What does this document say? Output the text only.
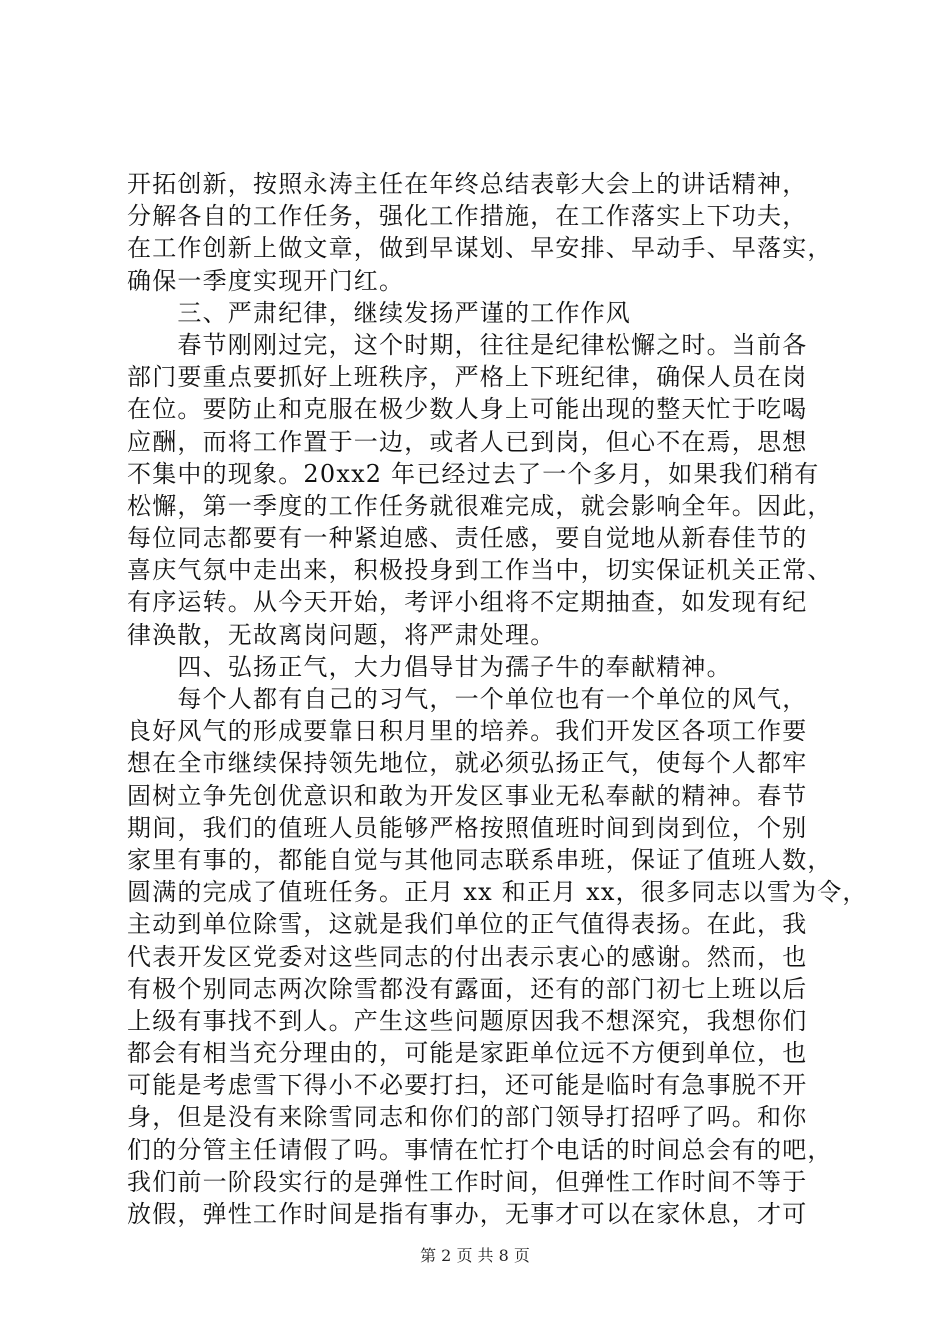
开拓创新，按照永涛主任在年终总结表彰大会上的讲话精神，
分解各自的工作任务，强化工作措施，在工作落实上下功夫，
在工作创新上做文章，做到早谋划、早安排、早动手、早落实，
确保一季度实现开门红。
　　三、严肃纪律，继续发扬严谨的工作作风
　　春节刚刚过完，这个时期，往往是纪律松懈之时。当前各
部门要重点要抓好上班秩序，严格上下班纪律，确保人员在岗
在位。要防止和克服在极少数人身上可能出现的整天忙于吃喝
应酬，而将工作置于一边，或者人已到岗，但心不在焉，思想
不集中的现象。20xx2 年已经过去了一个多月，如果我们稍有
松懈，第一季度的工作任务就很难完成，就会影响全年。因此，
每位同志都要有一种紧迫感、责任感，要自觉地从新春佳节的
喜庆气氛中走出来，积极投身到工作当中，切实保证机关正常、
有序运转。从今天开始，考评小组将不定期抽查，如发现有纪
律涣散，无故离岗问题，将严肃处理。
　　四、弘扬正气，大力倡导甘为孺子牛的奉献精神。
　　每个人都有自己的习气，一个单位也有一个单位的风气，
良好风气的形成要靠日积月里的培养。我们开发区各项工作要
想在全市继续保持领先地位，就必须弘扬正气，使每个人都牢
固树立争先创优意识和敢为开发区事业无私奉献的精神。春节
期间，我们的值班人员能够严格按照值班时间到岗到位，个别
家里有事的，都能自觉与其他同志联系串班，保证了值班人数，
圆满的完成了值班任务。正月 xx 和正月 xx，很多同志以雪为令，
主动到单位除雪，这就是我们单位的正气值得表扬。在此，我
代表开发区党委对这些同志的付出表示衷心的感谢。然而，也
有极个别同志两次除雪都没有露面，还有的部门初七上班以后
上级有事找不到人。产生这些问题原因我不想深究，我想你们
都会有相当充分理由的，可能是家距单位远不方便到单位，也
可能是考虑雪下得小不必要打扫，还可能是临时有急事脱不开
身，但是没有来除雪同志和你们的部门领导打招呼了吗。和你
们的分管主任请假了吗。事情在忙打个电话的时间总会有的吧，
我们前一阶段实行的是弹性工作时间，但弹性工作时间不等于
放假，弹性工作时间是指有事办，无事才可以在家休息，才可
第 2 页 共 8 页
